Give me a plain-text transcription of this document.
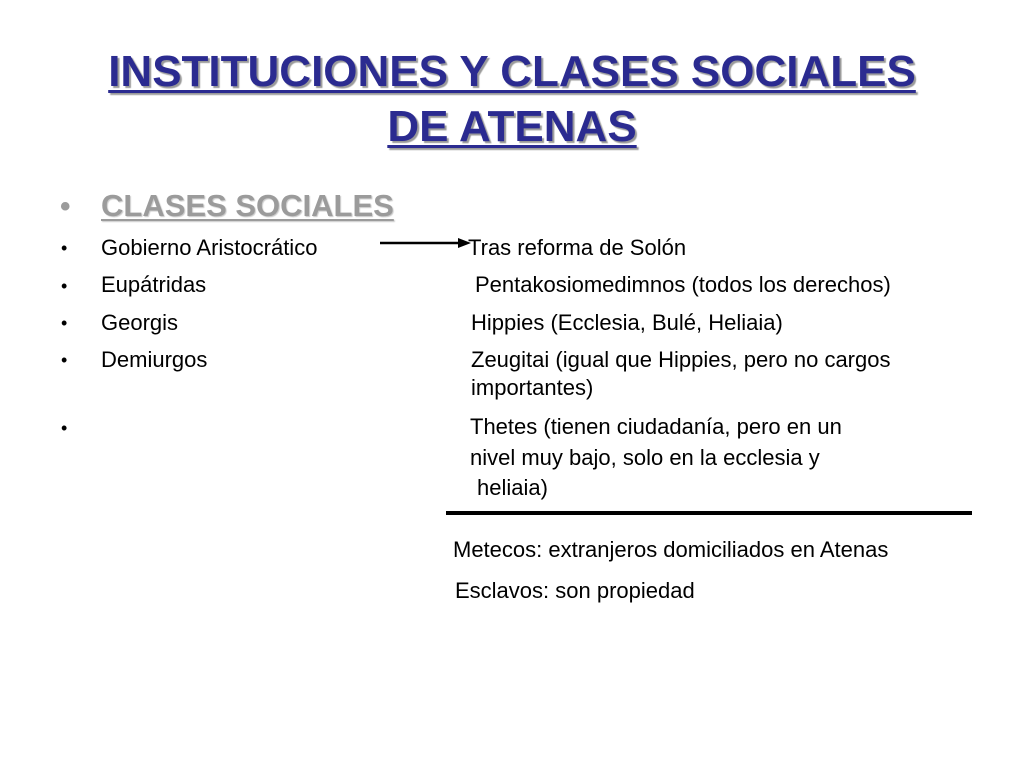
INSTITUCIONES Y CLASES SOCIALES
DE ATENAS
• CLASES SOCIALES
• Gobierno Aristocrático
• Eupátridas
• Georgis
• Demiurgos
•
Tras reforma de Solón
Pentakosiomedimnos (todos los derechos)
Hippies (Ecclesia, Bulé, Heliaia)
Zeugitai (igual que Hippies, pero no cargos
importantes)
Thetes (tienen ciudadanía, pero en un
nivel muy bajo, solo en la ecclesia y
heliaia)
Metecos: extranjeros domiciliados en Atenas
Esclavos: son propiedad
